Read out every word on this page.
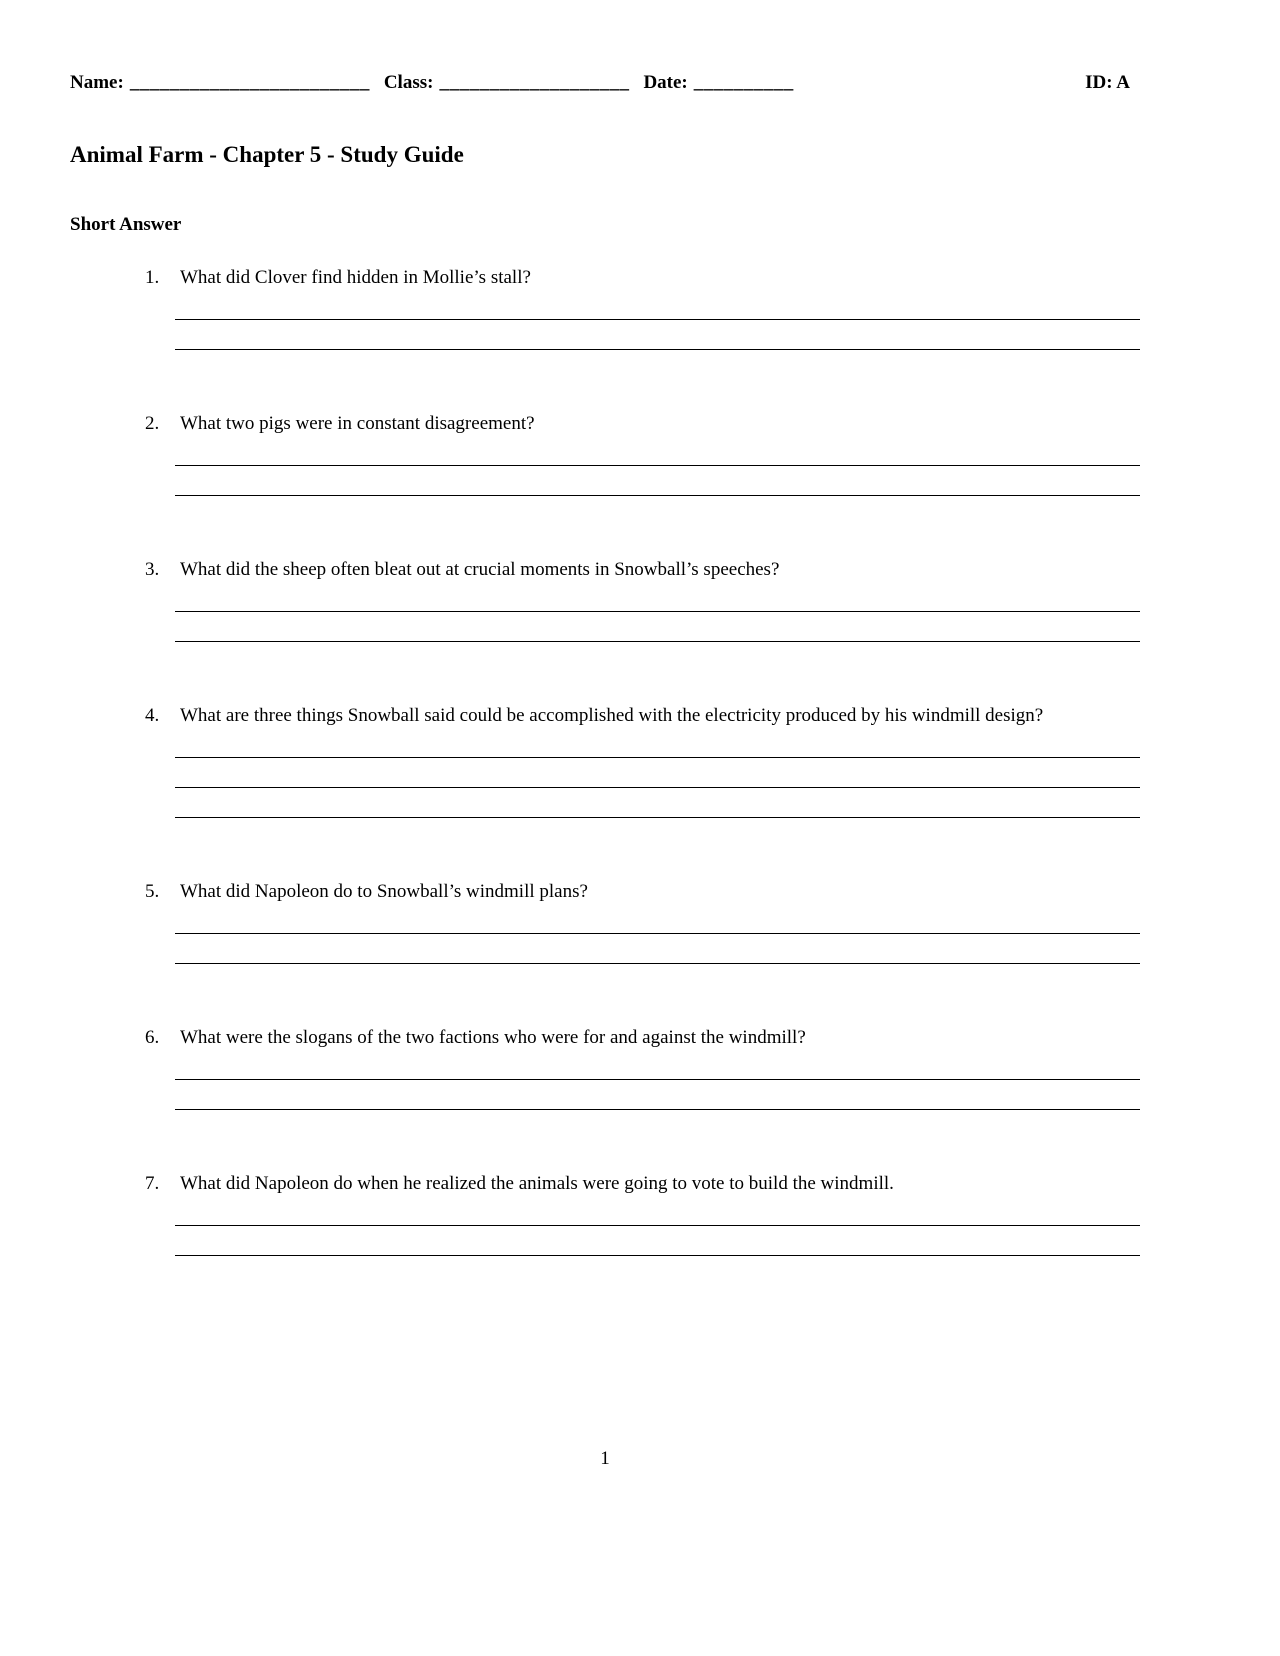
Name: ________________________ Class: ___________________ Date: __________	ID: A
Animal Farm - Chapter 5 - Study Guide
Short Answer
1.	What did Clover find hidden in Mollie’s stall?
2.	What two pigs were in constant disagreement?
3.	What did the sheep often bleat out at crucial moments in Snowball’s speeches?
4.	What are three things Snowball said could be accomplished with the electricity produced by his windmill design?
5.	What did Napoleon do to Snowball’s windmill plans?
6.	What were the slogans of the two factions who were for and against the windmill?
7.	What did Napoleon do when he realized the animals were going to vote to build the windmill.
1
